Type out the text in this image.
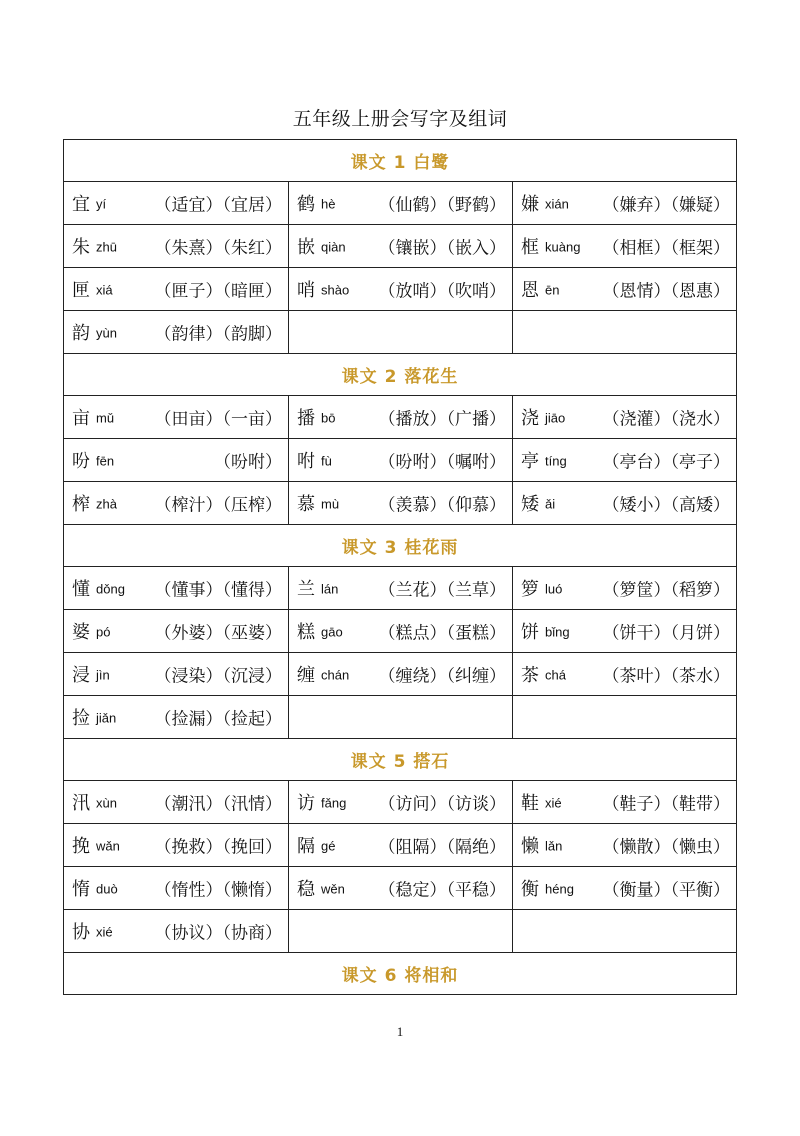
五年级上册会写字及组词
课文 1 白鹭		

宜 yí （适宜）（宜居）	鹤 hè （仙鹤）（野鹤）	嫌 xián （嫌弃）（嫌疑）

朱 zhū （朱熹）（朱红）	嵌 qiàn （镶嵌）（嵌入）	框 kuàng （相框）（框架）

匣 xiá （匣子）（暗匣）	哨 shào （放哨）（吹哨）	恩 ēn （恩情）（恩惠）

韵 yùn （韵律）（韵脚）		

课文 2 落花生		

亩 mǔ （田亩）（一亩）	播 bō （播放）（广播）	浇 jiāo （浇灌）（浇水）

吩 fēn （吩咐）	咐 fù （吩咐）（嘱咐）	亭 tíng （亭台）（亭子）

榨 zhà （榨汁）（压榨）	慕 mù （羡慕）（仰慕）	矮 ǎi （矮小）（高矮）

课文 3 桂花雨		

懂 dǒng （懂事）（懂得）	兰 lán （兰花）（兰草）	箩 luó （箩筐）（稻箩）

婆 pó （外婆）（巫婆）	糕 gāo （糕点）（蛋糕）	饼 bǐng （饼干）（月饼）

浸 jìn （浸染）（沉浸）	缠 chán （缠绕）（纠缠）	茶 chá （茶叶）（茶水）

捡 jiǎn （捡漏）（捡起）		

课文 5 搭石		

汛 xùn （潮汛）（汛情）	访 fǎng （访问）（访谈）	鞋 xié （鞋子）（鞋带）

挽 wǎn （挽救）（挽回）	隔 gé （阻隔）（隔绝）	懒 lǎn （懒散）（懒虫）

惰 duò （惰性）（懒惰）	稳 wěn （稳定）（平稳）	衡 héng （衡量）（平衡）

协 xié （协议）（协商）		

课文 6 将相和		
1
